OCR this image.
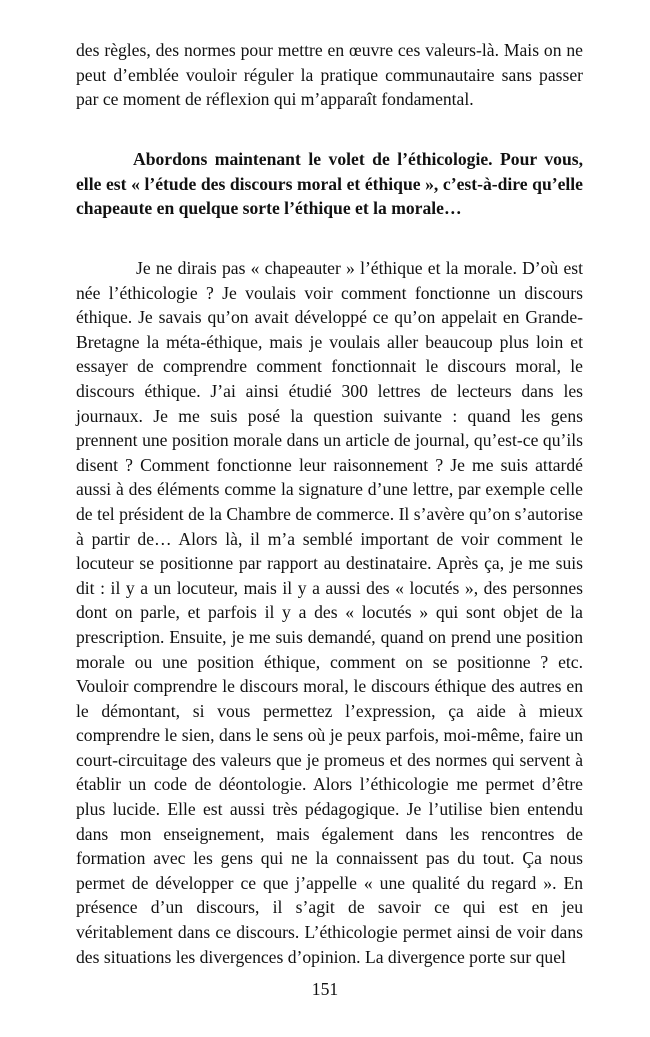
des règles, des normes pour mettre en œuvre ces valeurs-là. Mais on ne peut d’emblée vouloir réguler la pratique communautaire sans passer par ce moment de réflexion qui m’apparaît fondamental.

Abordons maintenant le volet de l’éthicologie. Pour vous, elle est « l’étude des discours moral et éthique », c’est-à-dire qu’elle chapeaute en quelque sorte l’éthique et la morale…

Je ne dirais pas « chapeauter » l’éthique et la morale. D’où est née l’éthicologie ? Je voulais voir comment fonctionne un discours éthique. Je savais qu’on avait développé ce qu’on appelait en Grande-Bretagne la méta-éthique, mais je voulais aller beaucoup plus loin et essayer de comprendre comment fonctionnait le discours moral, le discours éthique. J’ai ainsi étudié 300 lettres de lecteurs dans les journaux. Je me suis posé la question suivante : quand les gens prennent une position morale dans un article de journal, qu’est-ce qu’ils disent ? Comment fonctionne leur raisonnement ? Je me suis attardé aussi à des éléments comme la signature d’une lettre, par exemple celle de tel président de la Chambre de commerce. Il s’avère qu’on s’autorise à partir de… Alors là, il m’a semblé important de voir comment le locuteur se positionne par rapport au destinataire. Après ça, je me suis dit : il y a un locuteur, mais il y a aussi des « locutés », des personnes dont on parle, et parfois il y a des « locutés » qui sont objet de la prescription. Ensuite, je me suis demandé, quand on prend une position morale ou une position éthique, comment on se positionne ? etc. Vouloir comprendre le discours moral, le discours éthique des autres en le démontant, si vous permettez l’expression, ça aide à mieux comprendre le sien, dans le sens où je peux parfois, moi-même, faire un court-circuitage des valeurs que je promeus et des normes qui servent à établir un code de déontologie. Alors l’éthicologie me permet d’être plus lucide. Elle est aussi très pédagogique. Je l’utilise bien entendu dans mon enseignement, mais également dans les rencontres de formation avec les gens qui ne la connaissent pas du tout. Ça nous permet de développer ce que j’appelle « une qualité du regard ». En présence d’un discours, il s’agit de savoir ce qui est en jeu véritablement dans ce discours. L’éthicologie permet ainsi de voir dans des situations les divergences d’opinion. La divergence porte sur quel

151
